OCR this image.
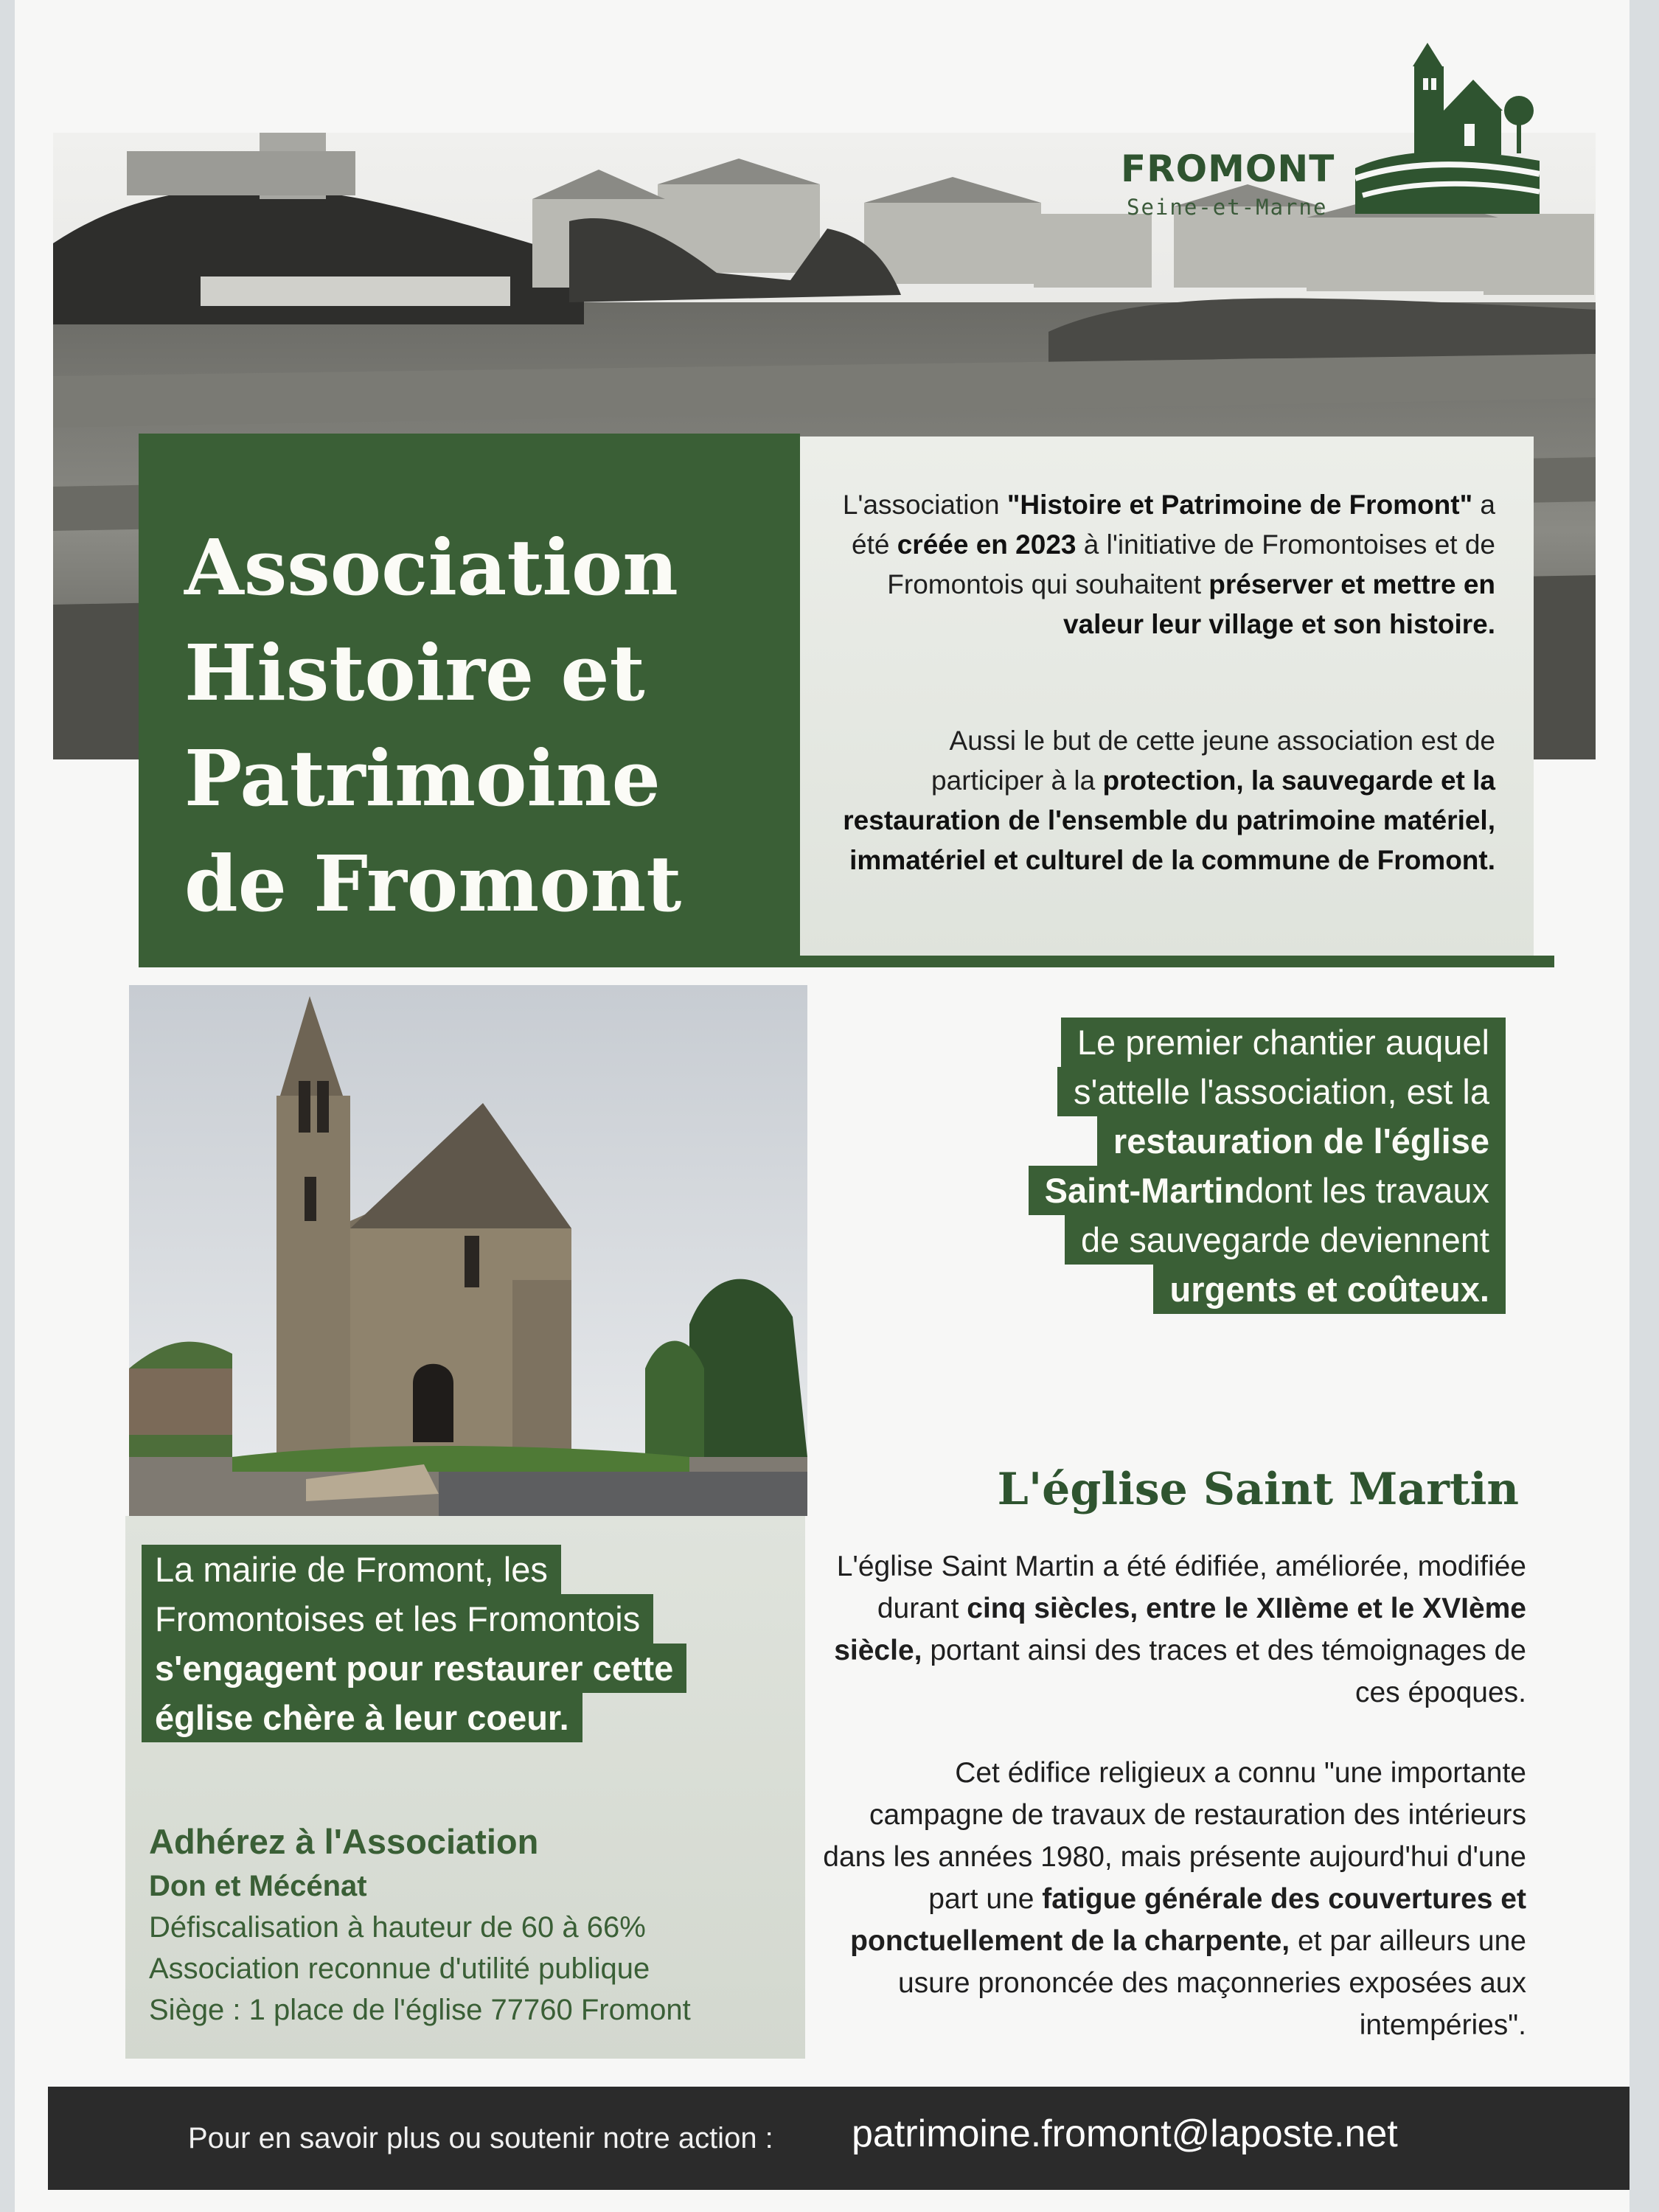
FROMONT
Seine-et-Marne
Association Histoire et Patrimoine de Fromont

L'association "Histoire et Patrimoine de Fromont" a été créée en 2023 à l'initiative de Fromontoises et de Fromontois qui souhaitent préserver et mettre en valeur leur village et son histoire.

Aussi le but de cette jeune association est de participer à la protection, la sauvegarde et la restauration de l'ensemble du patrimoine matériel, immatériel et culturel de la commune de Fromont.

La mairie de Fromont, les
Fromontoises et les Fromontois
s'engagent pour restaurer cette
église chère à leur coeur.
Le premier chantier auquel
s'attelle l'association, est la
restauration de l'église
Saint-Martindont les travaux
de sauvegarde deviennent
urgents et coûteux.
Adhérez à l'Association
Don et Mécénat
Défiscalisation à hauteur de 60 à 66%
Association reconnue d'utilité publique
Siège : 1 place de l'église 77760 Fromont
L'église Saint Martin

L'église Saint Martin a été édifiée, améliorée, modifiée durant cinq siècles, entre le XIIème et le XVIème siècle, portant ainsi des traces et des témoignages de ces époques.

Cet édifice religieux a connu "une importante campagne de travaux de restauration des intérieurs dans les années 1980, mais présente aujourd'hui d'une part une fatigue générale des couvertures et ponctuellement de la charpente, et par ailleurs une usure prononcée des maçonneries exposées aux intempéries".

Pour en savoir plus ou soutenir notre action : patrimoine.fromont@laposte.net
